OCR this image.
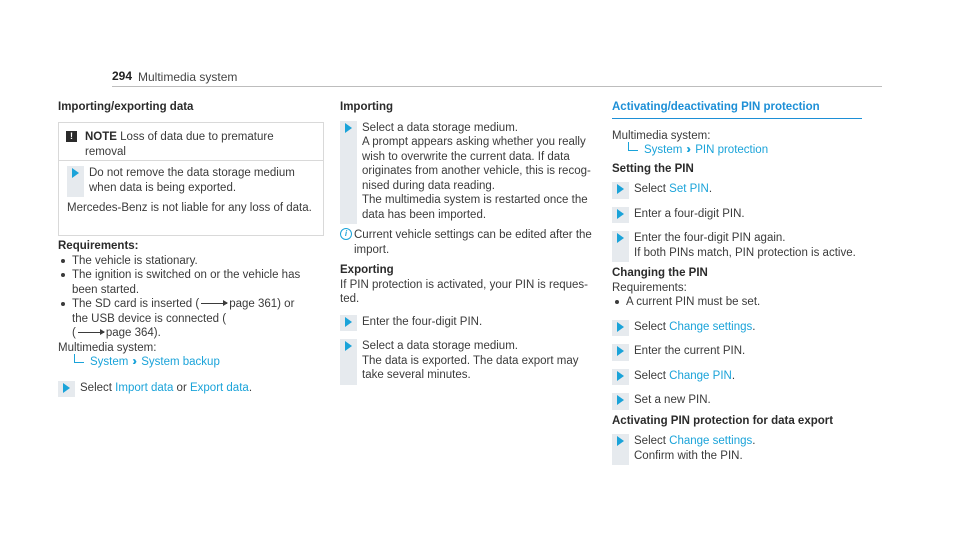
294 Multimedia system
Importing/exporting data
!	NOTE Loss of data due to premature removal
Do not remove the data storage medium when data is being exported.
Mercedes-Benz is not liable for any loss of data.
Requirements:
The vehicle is stationary.
The ignition is switched on or the vehicle has been started.
The SD card is inserted (	page 361) or
the USB device is connected (
(	page 364).
Multimedia system:
System ›› System backup
Select Import data or Export data.
Importing
Select a data storage medium.
A prompt appears asking whether you really wish to overwrite the current data. If data originates from another vehicle, this is recog-nised during data reading.
The multimedia system is restarted once the data has been imported.
i Current vehicle settings can be edited after the import.
Exporting
If PIN protection is activated, your PIN is reques-ted.
Enter the four-digit PIN.
Select a data storage medium.
The data is exported. The data export may take several minutes.
Activating/deactivating PIN protection
Multimedia system:
System ›› PIN protection
Setting the PIN
Select Set PIN.
Enter a four-digit PIN.
Enter the four-digit PIN again.
If both PINs match, PIN protection is active.
Changing the PIN
Requirements:
A current PIN must be set.
Select Change settings.
Enter the current PIN.
Select Change PIN.
Set a new PIN.
Activating PIN protection for data export
Select Change settings.
Confirm with the PIN.
